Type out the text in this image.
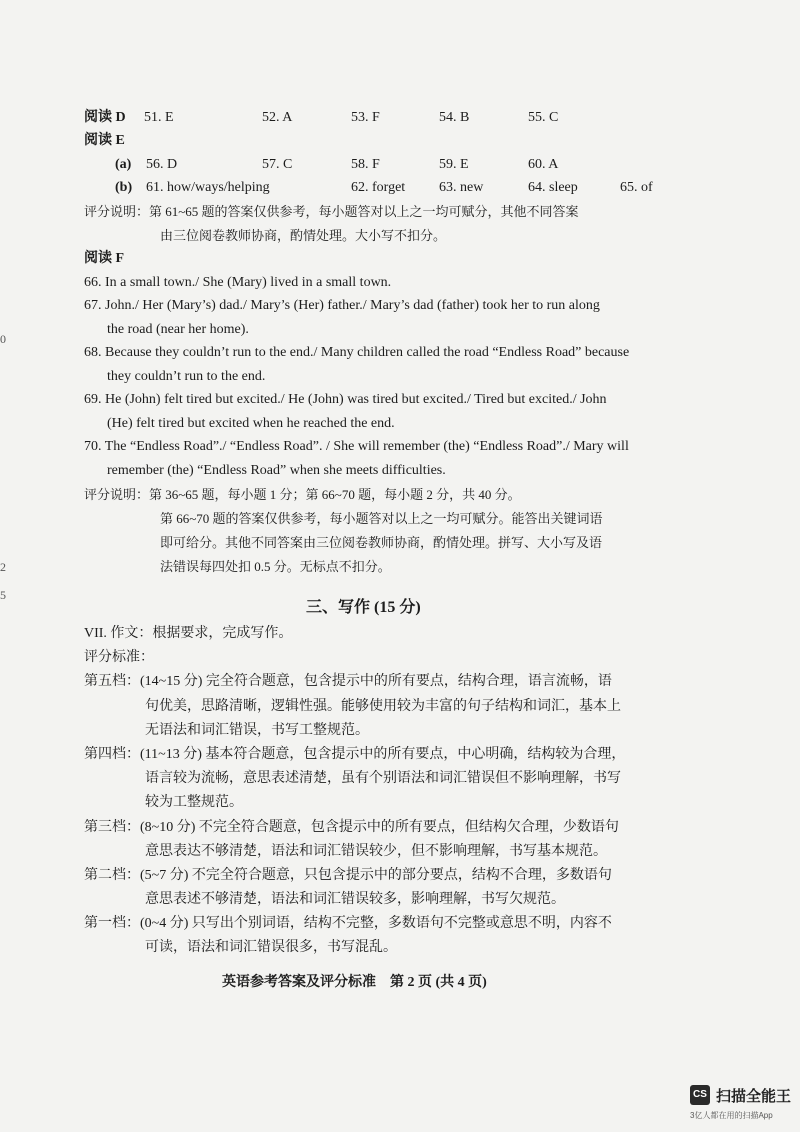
0
2
5
阅读 D 51. E	52. A	53. F	54. B	55. C
阅读 E
(a) 56. D	57. C	58. F	59. E	60. A
(b) 61. how/ways/helping	62. forget 63. new	64. sleep	65. of
评分说明：第 61~65 题的答案仅供参考，每小题答对以上之一均可赋分，其他不同答案
由三位阅卷教师协商，酌情处理。大小写不扣分。
阅读 F
66. In a small town./ She (Mary) lived in a small town.
67. John./ Her (Mary’s) dad./ Mary’s (Her) father./ Mary’s dad (father) took her to run along
the road (near her home).
68. Because they couldn’t run to the end./ Many children called the road “Endless Road” because
they couldn’t run to the end.
69. He (John) felt tired but excited./ He (John) was tired but excited./ Tired but excited./ John
(He) felt tired but excited when he reached the end.
70. The “Endless Road”./ “Endless Road”. / She will remember (the) “Endless Road”./ Mary will
remember (the) “Endless Road” when she meets difficulties.
评分说明：第 36~65 题，每小题 1 分；第 66~70 题，每小题 2 分，共 40 分。
第 66~70 题的答案仅供参考，每小题答对以上之一均可赋分。能答出关键词语
即可给分。其他不同答案由三位阅卷教师协商，酌情处理。拼写、大小写及语
法错误每四处扣 0.5 分。无标点不扣分。
三、写作 (15 分)
VII. 作文：根据要求，完成写作。
评分标准：
第五档：(14~15 分) 完全符合题意，包含提示中的所有要点，结构合理，语言流畅，语
句优美，思路清晰，逻辑性强。能够使用较为丰富的句子结构和词汇，基本上
无语法和词汇错误，书写工整规范。
第四档：(11~13 分) 基本符合题意，包含提示中的所有要点，中心明确，结构较为合理，
语言较为流畅，意思表述清楚，虽有个别语法和词汇错误但不影响理解，书写
较为工整规范。
第三档：(8~10 分) 不完全符合题意，包含提示中的所有要点，但结构欠合理，少数语句
意思表达不够清楚，语法和词汇错误较少，但不影响理解，书写基本规范。
第二档：(5~7 分) 不完全符合题意，只包含提示中的部分要点，结构不合理，多数语句
意思表述不够清楚，语法和词汇错误较多，影响理解，书写欠规范。
第一档：(0~4 分) 只写出个别词语，结构不完整，多数语句不完整或意思不明，内容不
可读，语法和词汇错误很多，书写混乱。
英语参考答案及评分标准　第 2 页 (共 4 页)
CS 扫描全能王
3亿人都在用的扫描App
